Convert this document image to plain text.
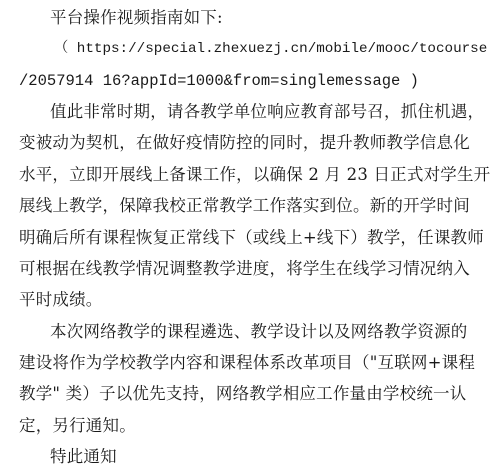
平台操作视频指南如下:
（ https://special.zhexuezj.cn/mobile/mooc/tocourse
/2057914 16?appId=1000&from=singlemessage )
值此非常时期，请各教学单位响应教育部号召，抓住机遇，
变被动为契机，在做好疫情防控的同时，提升教师教学信息化
水平，立即开展线上备课工作，以确保 2 月 23 日正式对学生开
展线上教学，保障我校正常教学工作落实到位。新的开学时间
明确后所有课程恢复正常线下（或线上+线下）教学，任课教师
可根据在线教学情况调整教学进度，将学生在线学习情况纳入
平时成绩。
本次网络教学的课程遴选、教学设计以及网络教学资源的
建设将作为学校教学内容和课程体系改革项目（"互联网+课程
教学" 类）子以优先支持，网络教学相应工作量由学校统一认
定，另行通知。
特此通知
